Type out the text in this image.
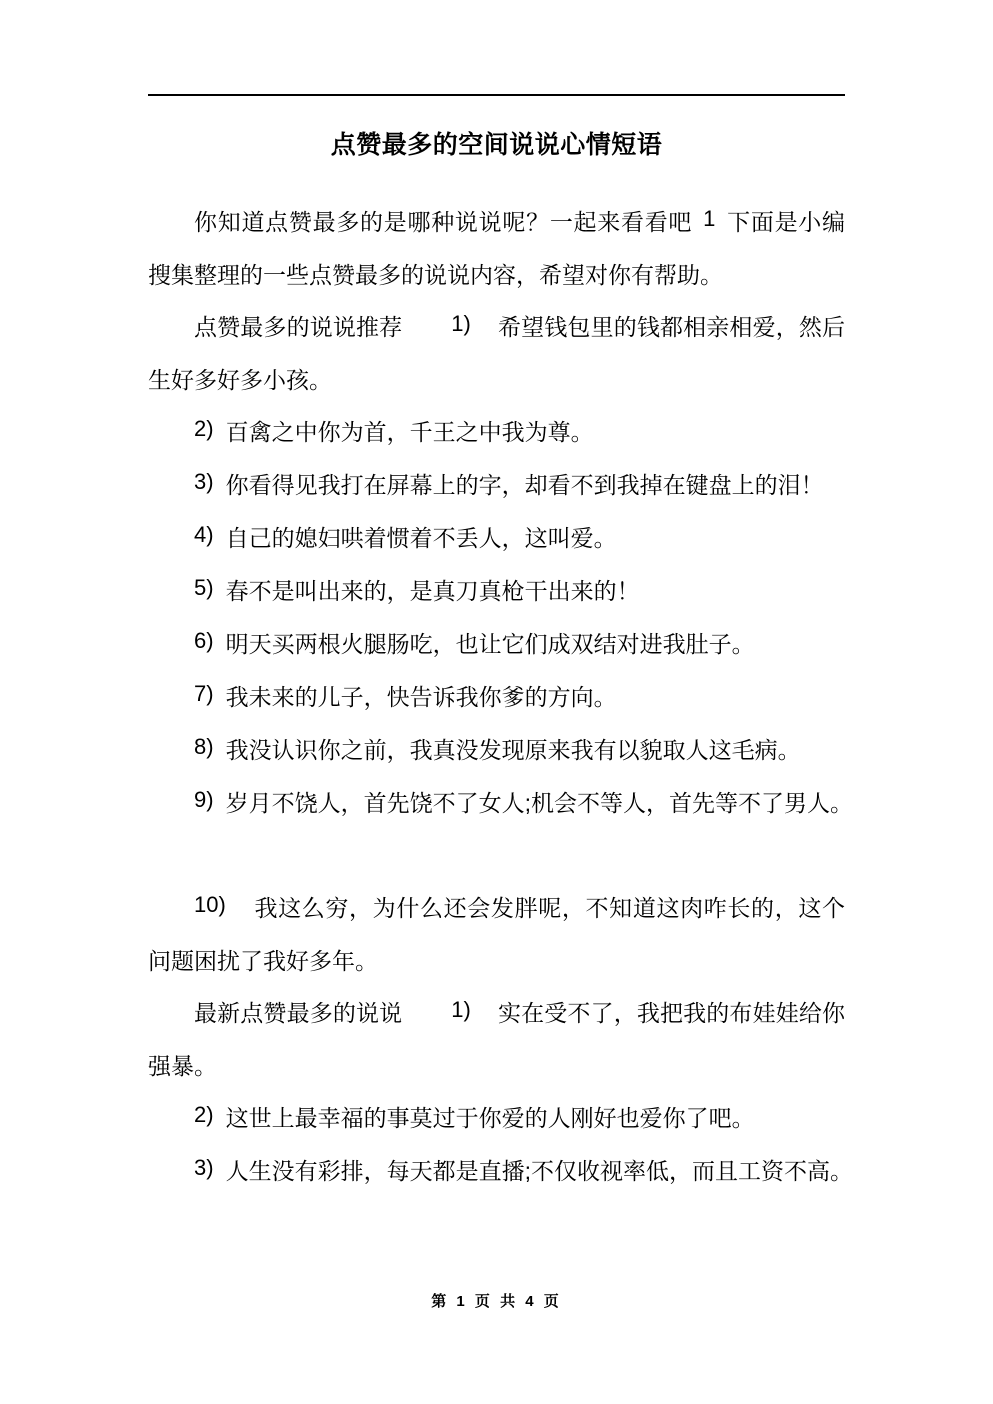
点赞最多的空间说说心情短语

你知道点赞最多的是哪种说说呢？一起来看看吧 1 下面是小编搜集整理的一些点赞最多的说说内容，希望对你有帮助。

点赞最多的说说推荐 1) 希望钱包里的钱都相亲相爱，然后生好多好多小孩。

2) 百禽之中你为首，千王之中我为尊。

3) 你看得见我打在屏幕上的字，却看不到我掉在键盘上的泪！

4) 自己的媳妇哄着惯着不丢人，这叫爱。

5) 春不是叫出来的，是真刀真枪干出来的！

6) 明天买两根火腿肠吃，也让它们成双结对进我肚子。

7) 我未来的儿子，快告诉我你爹的方向。

8) 我没认识你之前，我真没发现原来我有以貌取人这毛病。

9) 岁月不饶人，首先饶不了女人;机会不等人，首先等不了男人。

10) 我这么穷，为什么还会发胖呢，不知道这肉咋长的，这个问题困扰了我好多年。

最新点赞最多的说说 1) 实在受不了，我把我的布娃娃给你强暴。

2) 这世上最幸福的事莫过于你爱的人刚好也爱你了吧。

3) 人生没有彩排，每天都是直播;不仅收视率低，而且工资不高。

第 1 页 共 4 页
